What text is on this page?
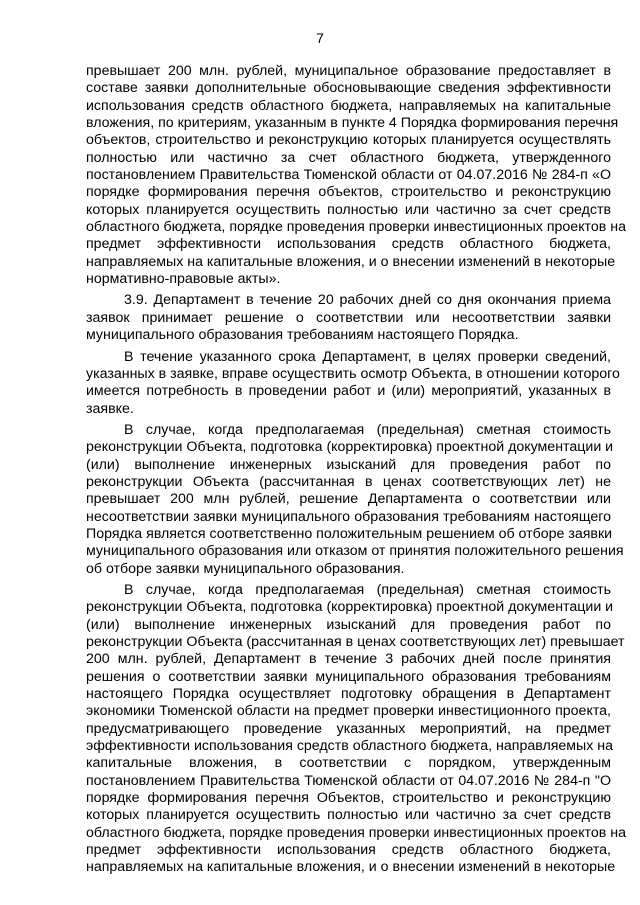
7
превышает 200 млн. рублей, муниципальное образование предоставляет в
составе заявки дополнительные обосновывающие сведения эффективности
использования средств областного бюджета, направляемых на капитальные
вложения, по критериям, указанным в пункте 4 Порядка формирования перечня
объектов, строительство и реконструкцию которых планируется осуществлять
полностью или частично за счет областного бюджета, утвержденного
постановлением Правительства Тюменской области от 04.07.2016 № 284-п «О
порядке формирования перечня объектов, строительство и реконструкцию
которых планируется осуществить полностью или частично за счет средств
областного бюджета, порядке проведения проверки инвестиционных проектов на
предмет эффективности использования средств областного бюджета,
направляемых на капитальные вложения, и о внесении изменений в некоторые
нормативно-правовые акты».
3.9. Департамент в течение 20 рабочих дней со дня окончания приема
заявок принимает решение о соответствии или несоответствии заявки
муниципального образования требованиям настоящего Порядка.
В течение указанного срока Департамент, в целях проверки сведений,
указанных в заявке, вправе осуществить осмотр Объекта, в отношении которого
имеется потребность в проведении работ и (или) мероприятий, указанных в
заявке.
В случае, когда предполагаемая (предельная) сметная стоимость
реконструкции Объекта, подготовка (корректировка) проектной документации и
(или) выполнение инженерных изысканий для проведения работ по
реконструкции Объекта (рассчитанная в ценах соответствующих лет) не
превышает 200 млн рублей, решение Департамента о соответствии или
несоответствии заявки муниципального образования требованиям настоящего
Порядка является соответственно положительным решением об отборе заявки
муниципального образования или отказом от принятия положительного решения
об отборе заявки муниципального образования.
В случае, когда предполагаемая (предельная) сметная стоимость
реконструкции Объекта, подготовка (корректировка) проектной документации и
(или) выполнение инженерных изысканий для проведения работ по
реконструкции Объекта (рассчитанная в ценах соответствующих лет) превышает
200 млн. рублей, Департамент в течение 3 рабочих дней после принятия
решения о соответствии заявки муниципального образования требованиям
настоящего Порядка осуществляет подготовку обращения в Департамент
экономики Тюменской области на предмет проверки инвестиционного проекта,
предусматривающего проведение указанных мероприятий, на предмет
эффективности использования средств областного бюджета, направляемых на
капитальные вложения, в соответствии с порядком, утвержденным
постановлением Правительства Тюменской области от 04.07.2016 № 284-п "О
порядке формирования перечня Объектов, строительство и реконструкцию
которых планируется осуществить полностью или частично за счет средств
областного бюджета, порядке проведения проверки инвестиционных проектов на
предмет эффективности использования средств областного бюджета,
направляемых на капитальные вложения, и о внесении изменений в некоторые
